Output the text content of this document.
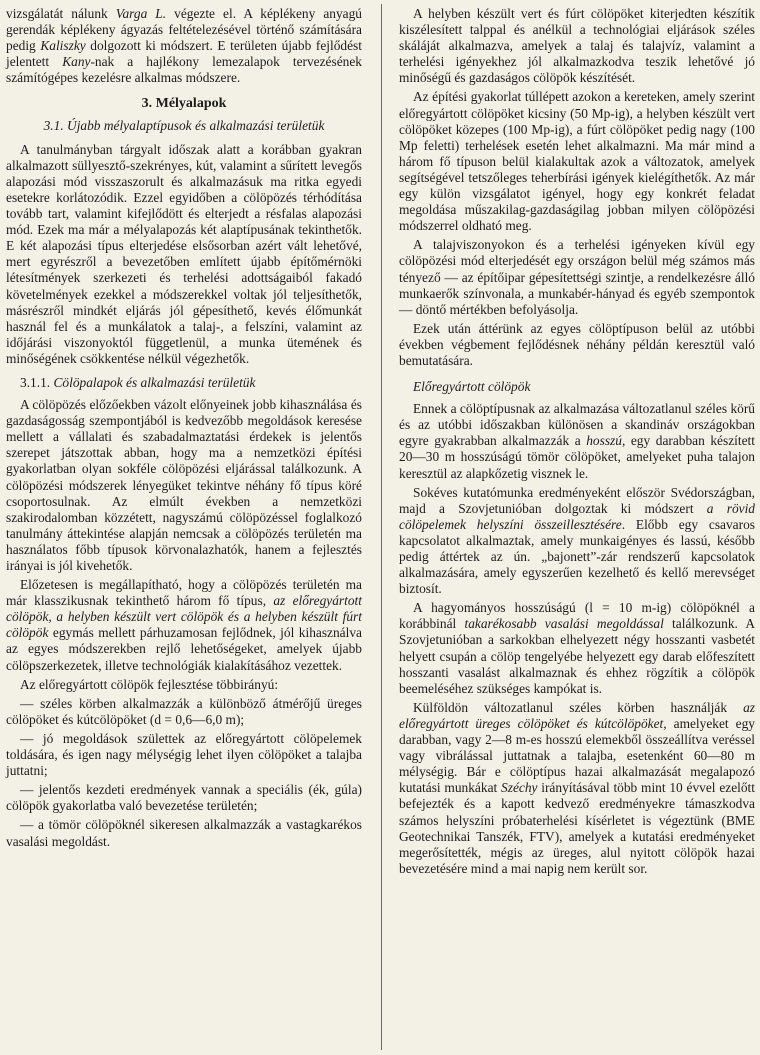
vizsgálatát nálunk Varga L. végezte el. A képlékeny anyagú gerendák képlékeny ágyazás feltételezésével történő számítására pedig Kaliszky dolgozott ki módszert. E területen újabb fejlődést jelentett Kany-nak a hajlékony lemezalapok tervezésének számítógépes kezelésre alkalmas módszere.

3. Mélyalapok
3.1. Újabb mélyalaptípusok és alkalmazási területük

A tanulmányban tárgyalt időszak alatt a korábban gyakran alkalmazott süllyesztő-szekrényes, kút, valamint a sűrített levegős alapozási mód visszaszorult és alkalmazásuk ma ritka egyedi esetekre korlátozódik. Ezzel egyidőben a cölöpözés térhódítása tovább tart, valamint kifejlődött és elterjedt a résfalas alapozási mód. Ezek ma már a mélyalapozás két alaptípusának tekinthetők. E két alapozási típus elterjedése elsősorban azért vált lehetővé, mert egyrészről a bevezetőben említett újabb építőmérnöki létesítmények szerkezeti és terhelési adottságaiból fakadó követelmények ezekkel a módszerekkel voltak jól teljesíthetők, másrészről mindkét eljárás jól gépesíthető, kevés élőmunkát használ fel és a munkálatok a talaj-, a felszíni, valamint az időjárási viszonyoktól függetlenül, a munka ütemének és minőségének csökkentése nélkül végezhetők.

3.1.1. Cölöpalapok és alkalmazási területük

A cölöpözés előzőekben vázolt előnyeinek jobb kihasználása és gazdaságosság szempontjából is kedvezőbb megoldások keresése mellett a vállalati és szabadalmaztatási érdekek is jelentős szerepet játszottak abban, hogy ma a nemzetközi építési gyakorlatban olyan sokféle cölöpözési eljárással találkozunk. A cölöpözési módszerek lényegüket tekintve néhány fő típus köré csoportosulnak. Az elmúlt években a nemzetközi szakirodalomban közzétett, nagyszámú cölöpözéssel foglalkozó tanulmány áttekintése alapján nemcsak a cölöpözés területén ma használatos főbb típusok körvonalazhatók, hanem a fejlesztés irányai is jól kivehetők.

Előzetesen is megállapítható, hogy a cölöpözés területén ma már klasszikusnak tekinthető három fő típus, az előregyártott cölöpök, a helyben készült vert cölöpök és a helyben készült fúrt cölöpök egymás mellett párhuzamosan fejlődnek, jól kihasználva az egyes módszerekben rejlő lehetőségeket, amelyek újabb cölöpszerkezetek, illetve technológiák kialakításához vezettek.

Az előregyártott cölöpök fejlesztése többirányú:

— széles körben alkalmazzák a különböző átmérőjű üreges cölöpöket és kútcölöpöket (d = 0,6—6,0 m);

— jó megoldások születtek az előregyártott cölöpelemek toldására, és igen nagy mélységig lehet ilyen cölöpöket a talajba juttatni;

— jelentős kezdeti eredmények vannak a speciális (ék, gúla) cölöpök gyakorlatba való bevezetése területén;

— a tömör cölöpöknél sikeresen alkalmazzák a vastagkarékos vasalási megoldást.

A helyben készült vert és fúrt cölöpöket kiterjedten készítik kiszélesített talppal és anélkül a technológiai eljárások széles skáláját alkalmazva, amelyek a talaj és talajvíz, valamint a terhelési igényekhez jól alkalmazkodva teszik lehetővé jó minőségű és gazdaságos cölöpök készítését.

Az építési gyakorlat túllépett azokon a kereteken, amely szerint előregyártott cölöpöket kicsiny (50 Mp-ig), a helyben készült vert cölöpöket közepes (100 Mp-ig), a fúrt cölöpöket pedig nagy (100 Mp feletti) terhelések esetén lehet alkalmazni. Ma már mind a három fő típuson belül kialakultak azok a változatok, amelyek segítségével tetszőleges teherbírási igények kielégíthetők. Az már egy külön vizsgálatot igényel, hogy egy konkrét feladat megoldása műszakilag-gazdaságilag jobban milyen cölöpözési módszerrel oldható meg.

A talajviszonyokon és a terhelési igényeken kívül egy cölöpözési mód elterjedését egy országon belül még számos más tényező — az építőipar gépesítettségi szintje, a rendelkezésre álló munkaerők színvonala, a munkabér-hányad és egyéb szempontok — döntő mértékben befolyásolja.

Ezek után áttérünk az egyes cölöptípuson belül az utóbbi években végbement fejlődésnek néhány példán keresztül való bemutatására.

Előregyártott cölöpök

Ennek a cölöptípusnak az alkalmazása változatlanul széles körű és az utóbbi időszakban különösen a skandináv országokban egyre gyakrabban alkalmazzák a hosszú, egy darabban készített 20—30 m hosszúságú tömör cölöpöket, amelyeket puha talajon keresztül az alapkőzetig visznek le.

Sokéves kutatómunka eredményeként először Svédországban, majd a Szovjetunióban dolgoztak ki módszert a rövid cölöpelemek helyszíni összeillesztésére. Előbb egy csavaros kapcsolatot alkalmaztak, amely munkaigényes és lassú, később pedig áttértek az ún. „bajonett”-zár rendszerű kapcsolatok alkalmazására, amely egyszerűen kezelhető és kellő merevséget biztosít.

A hagyományos hosszúságú (l = 10 m-ig) cölöpöknél a korábbinál takarékosabb vasalási megoldással találkozunk. A Szovjetunióban a sarkokban elhelyezett négy hosszanti vasbetét helyett csupán a cölöp tengelyébe helyezett egy darab előfeszített hosszanti vasalást alkalmaznak és ehhez rögzítik a cölöpök beemeléséhez szükséges kampókat is.

Külföldön változatlanul széles körben használják az előregyártott üreges cölöpöket és kútcölöpöket, amelyeket egy darabban, vagy 2—8 m-es hosszú elemekből összeállítva veréssel vagy vibrálással juttatnak a talajba, esetenként 60—80 m mélységig. Bár e cölöptípus hazai alkalmazását megalapozó kutatási munkákat Széchy irányításával több mint 10 évvel ezelőtt befejezték és a kapott kedvező eredményekre támaszkodva számos helyszíni próbaterhelési kísérletet is végeztünk (BME Geotechnikai Tanszék, FTV), amelyek a kutatási eredményeket megerősítették, mégis az üreges, alul nyitott cölöpök hazai bevezetésére mind a mai napig nem került sor.
